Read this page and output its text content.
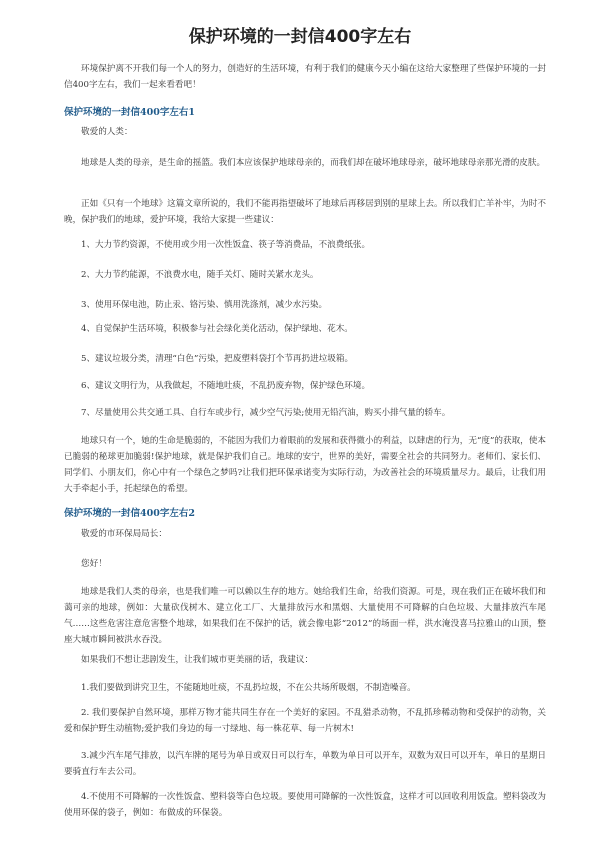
保护环境的一封信400字左右
环境保护离不开我们每一个人的努力，创造好的生活环境，有利于我们的健康今天小编在这给大家整理了些保护环境的一封信400字左右，我们一起来看看吧！
保护环境的一封信400字左右1
敬爱的人类：
地球是人类的母亲，是生命的摇篮。我们本应该保护地球母亲的，而我们却在破坏地球母亲，破坏地球母亲那光滑的皮肤。
正如《只有一个地球》这篇文章所说的，我们不能再指望破坏了地球后再移居到别的星球上去。所以我们亡羊补牢，为时不晚，保护我们的地球，爱护环境，我给大家提一些建议：
1、大力节约资源，不使用或少用一次性饭盒、筷子等消费品，不浪费纸张。
2、大力节约能源，不浪费水电，随手关灯、随时关紧水龙头。
3、使用环保电池，防止汞、铬污染、慎用洗涤剂，减少水污染。
4、自觉保护生活环境，积极参与社会绿化美化活动，保护绿地、花木。
5、建议垃圾分类，清理“白色”污染，把废塑料袋打个节再扔进垃圾箱。
6、建议文明行为，从我做起，不随地吐痰，不乱扔废弃物，保护绿色环境。
7、尽量使用公共交通工具、自行车或步行，减少空气污染;使用无铅汽油，购买小排气量的轿车。
地球只有一个，她的生命是脆弱的，不能因为我们力着眼前的发展和获得微小的利益，以肆虐的行为，无“度”的获取，使本已脆弱的秘球更加脆弱!保护地球，就是保护我们自己。地球的安宁，世界的美好，需要全社会的共同努力。老师们、家长们、同学们、小朋友们，你心中有一个绿色之梦吗?让我们把环保承诺变为实际行动，为改善社会的环境质量尽力。最后，让我们用大手牵起小手，托起绿色的希望。
保护环境的一封信400字左右2
敬爱的市环保局局长：
您好！
地球是我们人类的母亲，也是我们唯一可以赖以生存的地方。她给我们生命，给我们资源。可是，现在我们正在破坏我们和蔼可亲的地球，例如：大量砍伐树木、建立化工厂、大量排放污水和黑烟、大量使用不可降解的白色垃圾、大量排放汽车尾气……这些危害注意危害整个地球，如果我们在不保护的话，就会像电影“2012”的场面一样，洪水淹没喜马拉雅山的山顶，整座大城市瞬间被洪水吞没。
如果我们不想让悲剧发生，让我们城市更美丽的话，我建议：
1.我们要做到讲究卫生，不能随地吐痰，不乱扔垃圾，不在公共场所吸烟，不制造噪音。
2. 我们要保护自然环境，那样万物才能共同生存在一个美好的家园。不乱猎杀动物，不乱抓珍稀动物和受保护的动物，关爱和保护野生动植物;爱护我们身边的每一寸绿地、每一株花草、每一片树木!
3.减少汽车尾气排放，以汽车牌的尾号为单日或双日可以行车，单数为单日可以开车，双数为双日可以开车，单日的星期日要骑直行车去公司。
4.不使用不可降解的一次性饭盒、塑料袋等白色垃圾。要使用可降解的一次性饭盒，这样才可以回收利用饭盒。塑料袋改为使用环保的袋子，例如：布做成的环保袋。
